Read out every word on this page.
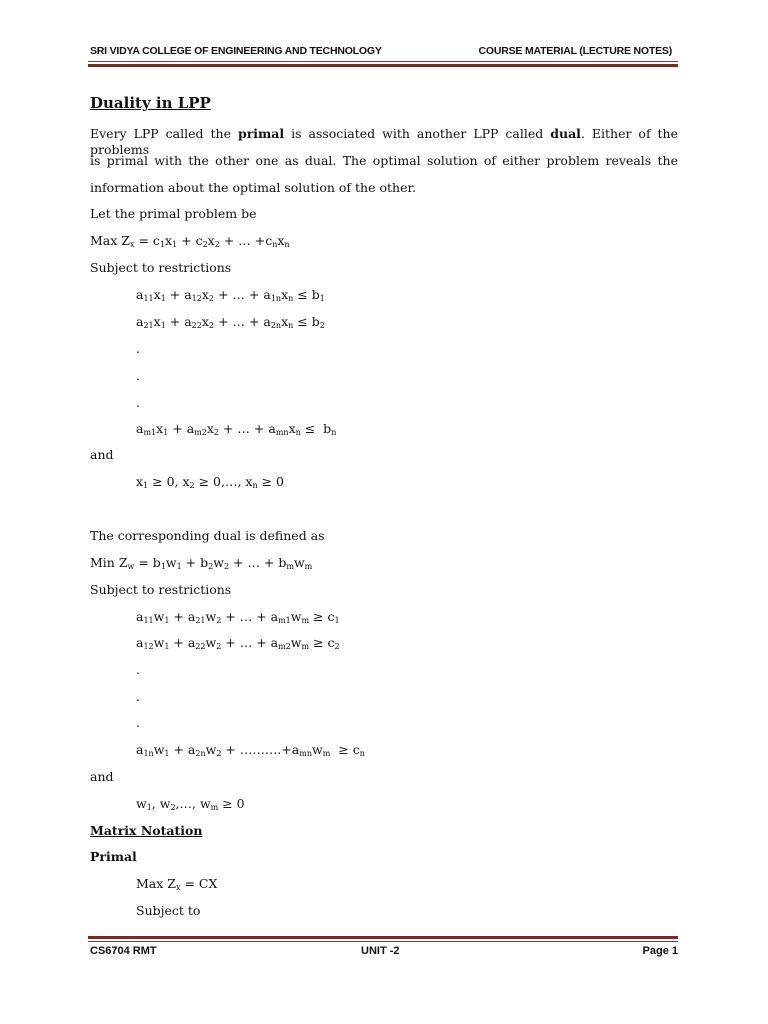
SRI VIDYA COLLEGE OF ENGINEERING AND TECHNOLOGY	COURSE MATERIAL (LECTURE NOTES)
Duality in LPP
Every LPP called the primal is associated with another LPP called dual. Either of the problems
is primal with the other one as dual. The optimal solution of either problem reveals the
information about the optimal solution of the other.
Let the primal problem be
Max $Z_x = c_1x_1 + c_2x_2$ + … $+c_nx_n$
Subject to restrictions
$a_{11}x_1 + a_{12}x_2$ + … + $a_{1n}x_n \le b_1$
$a_{21}x_1 + a_{22}x_2$ + … + $a_{2n}x_n \le b_2$
.
.
.
$a_{m1}x_1 + a_{m2}x_2$ + … + $a_{mn}x_n \le b_n$
and
$x_1 \ge 0$, $x_2$ ≥ 0,…, $x_n \ge 0$
The corresponding dual is defined as
Min $Z_w = b_1w_1 + b_2w_2$ + … + $b_mw_m$
Subject to restrictions
$a_{11}w_1 + a_{21}w_2$ + … + $a_{m1}w_m \ge c_1$
$a_{12}w_1 + a_{22}w_2$ + … + $a_{m2}w_m \ge c_2$
.
.
.
$a_{1n}w_1 + a_{2n}w_2$ + $\dots\dots\dots.+a_{mn}w_m \ge c_n$
and
$w_1$, $w_2,\dots$, $w_m \ge 0$
Matrix Notation
Primal
Max $Z_x$ = CX
Subject to
CS6704 RMT	UNIT -2	Page 1
